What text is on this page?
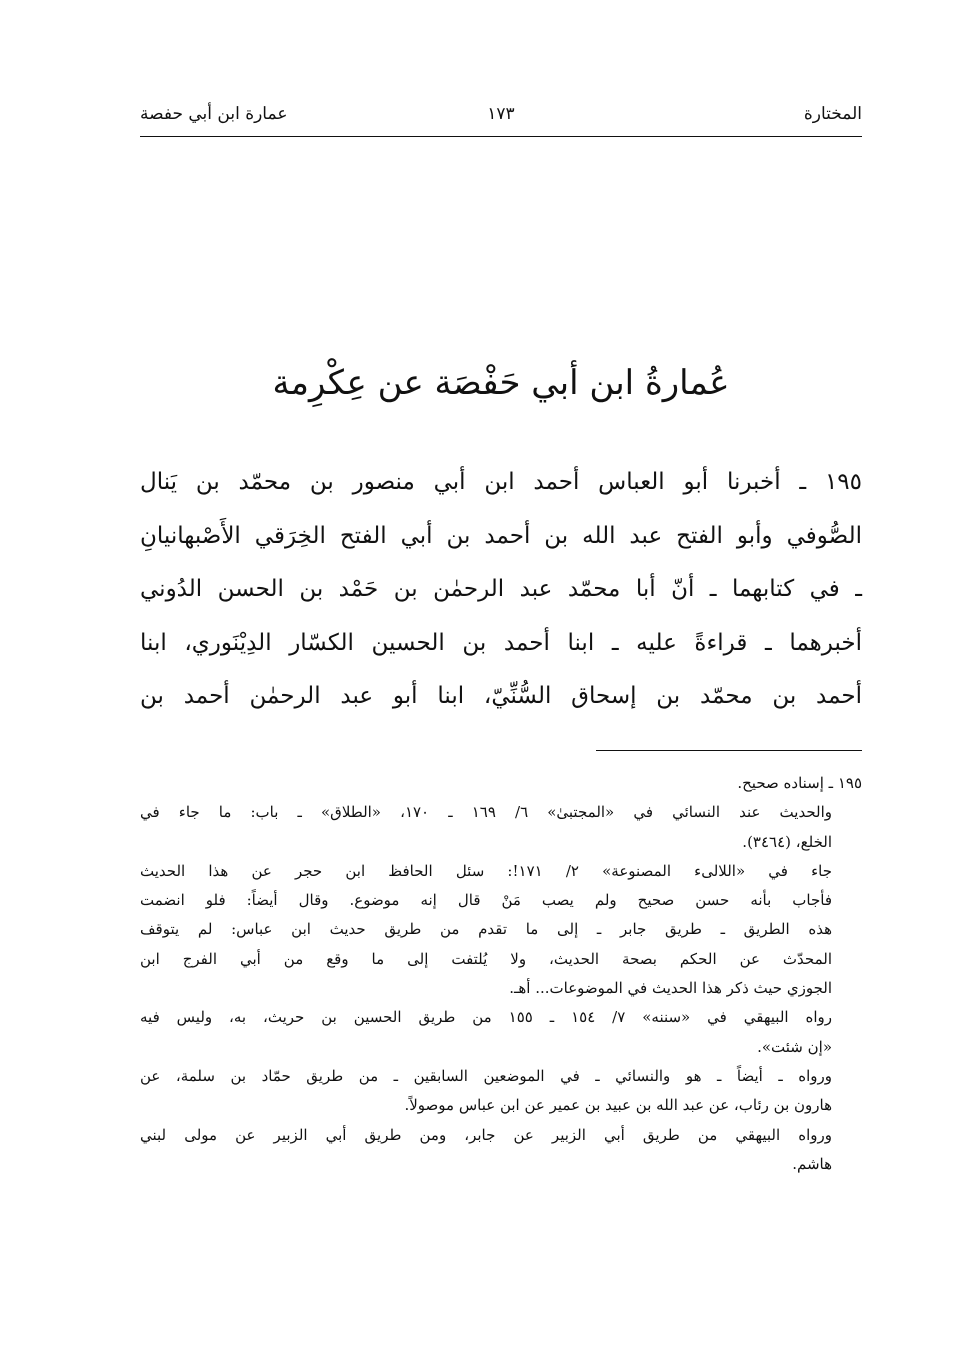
المختارة
١٧٣
عمارة ابن أبي حفصة
عُمارةُ ابن أبي حَفْصَة عن عِكْرِمة

١٩٥ ـ أخبرنا أبو العباس أحمد ابن أبي منصور بن محمّد بن يَنال

الصُّوفي وأبو الفتح عبد الله بن أحمد بن أبي الفتح الخِرَقي الأَصْبهانيانِ

ـ في كتابهما ـ أنّ أبا محمّد عبد الرحمٰن بن حَمْد بن الحسن الدُوني

أخبرهما ـ قراءةً عليه ـ ابنا أحمد بن الحسين الكسّار الدِيْنَوري، ابنا

أحمد بن محمّد بن إسحاق السُّنِّيّ، ابنا أبو عبد الرحمٰن أحمد بن

١٩٥ ـ إسناده صحيح.

والحديث عند النسائي في «المجتبىٰ» ٦/ ١٦٩ ـ ١٧٠، «الطلاق» ـ باب: ما جاء في

الخلع، (٣٤٦٤).

جاء في «اللالىء المصنوعة» ٢/ ١٧١!: سئل الحافظ ابن حجر عن هذا الحديث

فأجاب بأنه حسن صحيح ولم يصب مَنْ قال إنه موضوع. وقال أيضاً: فلو انضمت

هذه الطريق ـ طريق جابر ـ إلى ما تقدم من طريق حديث ابن عباس: لم يتوقف

المحدّث عن الحكم بصحة الحديث، ولا يُلتفت إلى ما وقع من أبي الفرج ابن

الجوزي حيث ذكر هذا الحديث في الموضوعات... أهـ.

رواه البيهقي في «سننه» ٧/ ١٥٤ ـ ١٥٥ من طريق الحسين بن حريث، به، وليس فيه

«إن شئت».

ورواه ـ أيضاً ـ هو والنسائي ـ في الموضعين السابقين ـ من طريق حمّاد بن سلمة، عن

هارون بن رئاب، عن عبد الله بن عبيد بن عمير عن ابن عباس موصولاً.

ورواه البيهقي من طريق أبي الزبير عن جابر، ومن طريق أبي الزبير عن مولى لبني

هاشم.
